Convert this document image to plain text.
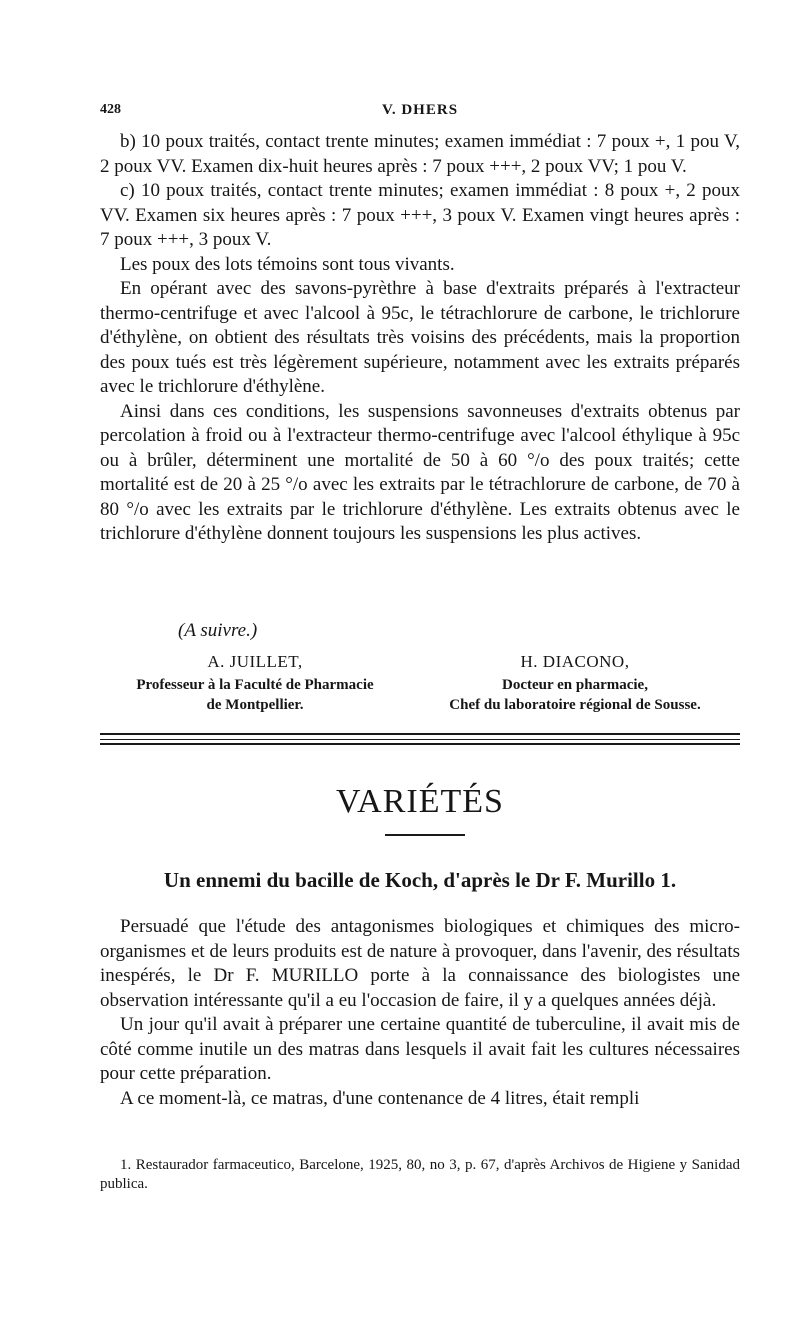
428	V. DHERS

b) 10 poux traités, contact trente minutes; examen immédiat : 7 poux +, 1 pou V, 2 poux VV. Examen dix-huit heures après : 7 poux +++, 2 poux VV; 1 pou V.

c) 10 poux traités, contact trente minutes; examen immédiat : 8 poux +, 2 poux VV. Examen six heures après : 7 poux +++, 3 poux V. Examen vingt heures après : 7 poux +++, 3 poux V.

Les poux des lots témoins sont tous vivants.

En opérant avec des savons-pyrèthre à base d'extraits préparés à l'extracteur thermo-centrifuge et avec l'alcool à 95c, le tétrachlorure de carbone, le trichlorure d'éthylène, on obtient des résultats très voisins des précédents, mais la proportion des poux tués est très légèrement supérieure, notamment avec les extraits préparés avec le trichlorure d'éthylène.

Ainsi dans ces conditions, les suspensions savonneuses d'extraits obtenus par percolation à froid ou à l'extracteur thermo-centrifuge avec l'alcool éthylique à 95c ou à brûler, déterminent une mortalité de 50 à 60 °/o des poux traités; cette mortalité est de 20 à 25 °/o avec les extraits par le tétrachlorure de carbone, de 70 à 80 °/o avec les extraits par le trichlorure d'éthylène. Les extraits obtenus avec le trichlorure d'éthylène donnent toujours les suspensions les plus actives.

(A suivre.)
A. JUILLET,
Professeur à la Faculté de Pharmacie
de Montpellier.
H. DIACONO,
Docteur en pharmacie,
Chef du laboratoire régional de Sousse.
VARIÉTÉS
Un ennemi du bacille de Koch, d'après le Dr F. Murillo 1.

Persuadé que l'étude des antagonismes biologiques et chimiques des micro-organismes et de leurs produits est de nature à provoquer, dans l'avenir, des résultats inespérés, le Dr F. MURILLO porte à la connaissance des biologistes une observation intéressante qu'il a eu l'occasion de faire, il y a quelques années déjà.

Un jour qu'il avait à préparer une certaine quantité de tuberculine, il avait mis de côté comme inutile un des matras dans lesquels il avait fait les cultures nécessaires pour cette préparation.

A ce moment-là, ce matras, d'une contenance de 4 litres, était rempli

1. Restaurador farmaceutico, Barcelone, 1925, 80, no 3, p. 67, d'après Archivos de Higiene y Sanidad publica.
